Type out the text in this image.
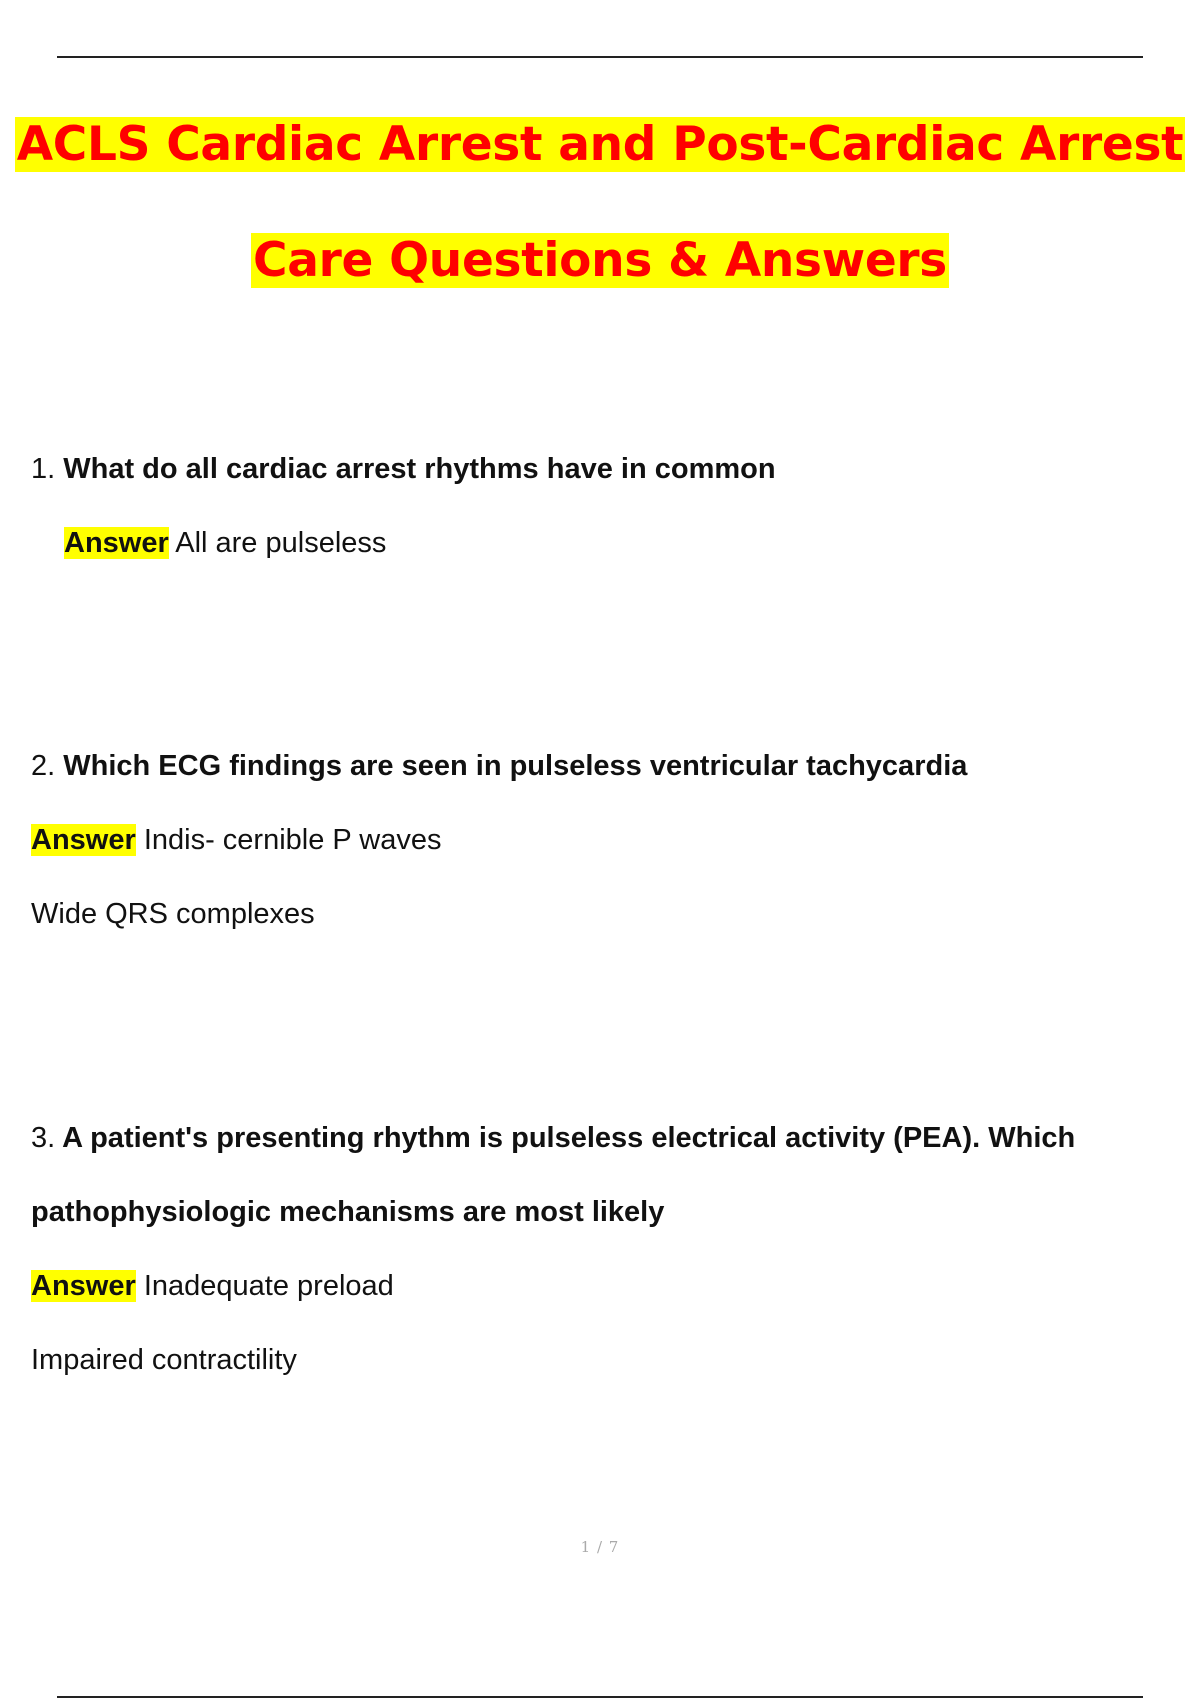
ACLS Cardiac Arrest and Post-Cardiac Arrest
Care Questions & Answers
1. What do all cardiac arrest rhythms have in common
Answer All are pulseless
2. Which ECG findings are seen in pulseless ventricular tachycardia
Answer Indis- cernible P waves
Wide QRS complexes
3. A patient's presenting rhythm is pulseless electrical activity (PEA). Which
pathophysiologic mechanisms are most likely
Answer Inadequate preload
Impaired contractility
1 / 7
